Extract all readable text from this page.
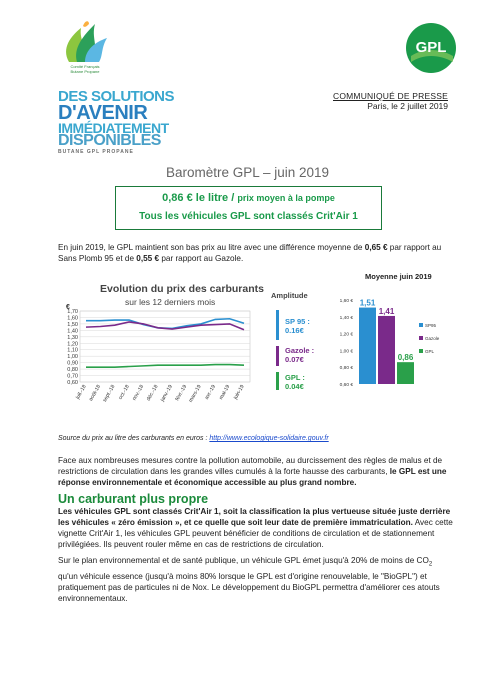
Comité Français
Butane Propane
GPL
DES SOLUTIONS
D'AVENIR
IMMÉDIATEMENT
DISPONIBLES
BUTANE GPL PROPANE
COMMUNIQUÉ DE PRESSE
Paris, le 2 juillet 2019
Baromètre GPL – juin 2019
0,86 € le litre / prix moyen à la pompe
Tous les véhicules GPL sont classés Crit'Air 1
En juin 2019, le GPL maintient son bas prix au litre avec une différence moyenne de 0,65 € par rapport au Sans Plomb 95 et de 0,55 € par rapport au Gazole.
Evolution du prix des carburants
sur les 12 derniers mois
0,60
0,70
0,80
0,90
1,00
1,10
1,20
1,30
1,40
1,50
1,60
1,70
€
juil.-18 août-18 sept.-18 oct.-18 nov.-18 déc.-18 janv.-19 févr.-19 mars-19 avr.-19 mai-19 juin-19
Amplitude
SP 95 :
0.16€
Gazole :
0.07€
GPL :
0.04€
Moyenne juin 2019
0,60 €
0,80 €
1,00 €
1,20 €
1,40 €
1,60 € 1,51
1,41
0,86
SP95
Gazole
GPL
Source du prix au litre des carburants en euros : http://www.ecologique-solidaire.gouv.fr
Face aux nombreuses mesures contre la pollution automobile, au durcissement des règles de malus et de restrictions de circulation dans les grandes villes cumulés à la forte hausse des carburants, le GPL est une réponse environnementale et économique accessible au plus grand nombre.
Un carburant plus propre
Les véhicules GPL sont classés Crit'Air 1, soit la classification la plus vertueuse située juste derrière les véhicules « zéro émission », et ce quelle que soit leur date de première immatriculation. Avec cette vignette Crit'Air 1, les véhicules GPL peuvent bénéficier de conditions de circulation et de stationnement privilégiées. Ils peuvent rouler même en cas de restrictions de circulation.
Sur le plan environnemental et de santé publique, un véhicule GPL émet jusqu'à 20% de moins de $CO_2$ qu'un véhicule essence (jusqu'à moins 80% lorsque le GPL est d'origine renouvelable, le "BioGPL") et pratiquement pas de particules ni de Nox. Le développement du BioGPL permettra d'améliorer ces atouts environnementaux.
